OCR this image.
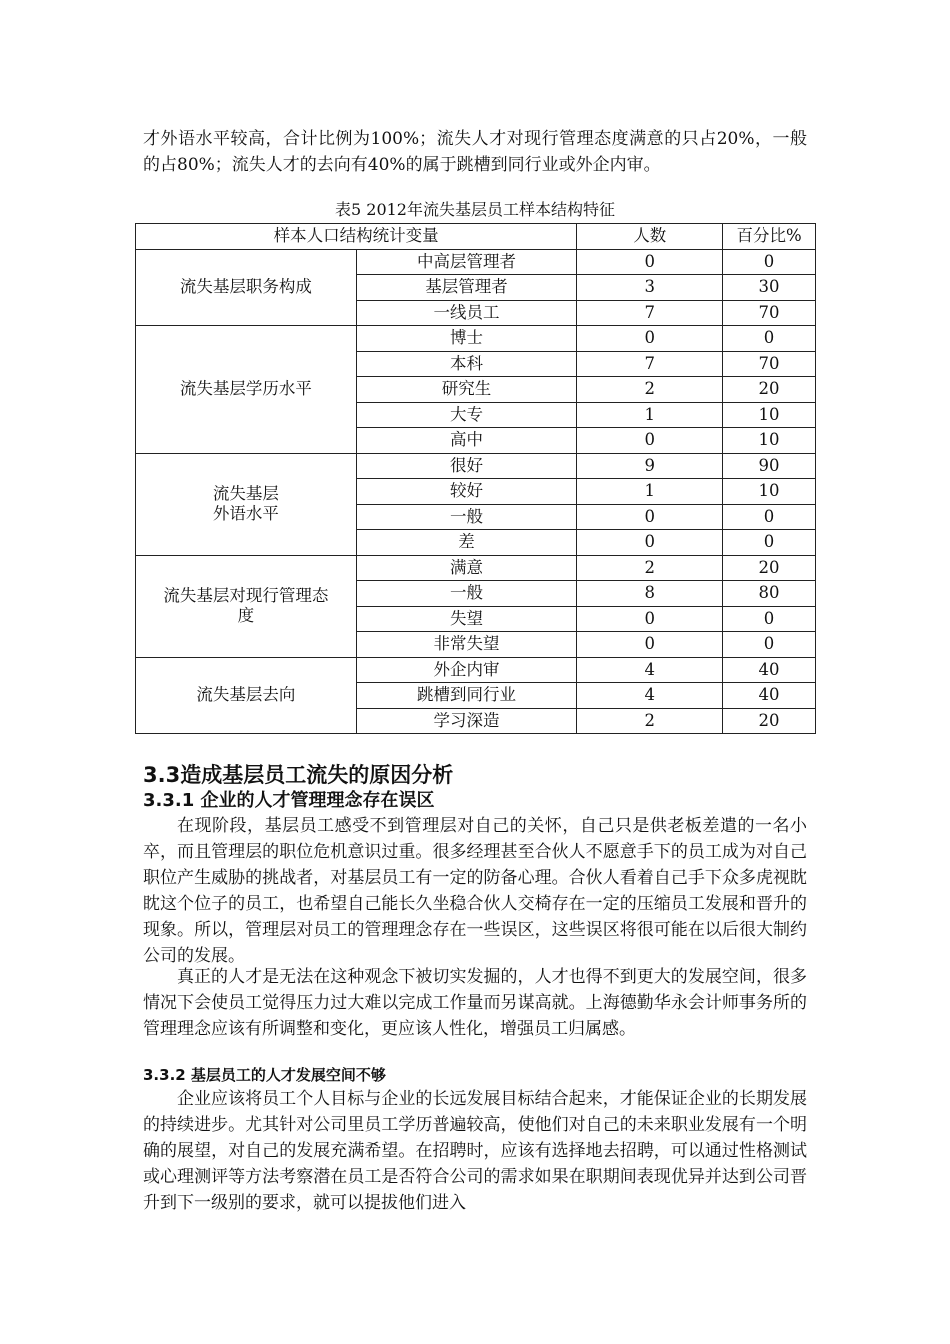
才外语水平较高，合计比例为100%；流失人才对现行管理态度满意的只占20%，一般的占80%；流失人才的去向有40%的属于跳槽到同行业或外企内审。

表5 2012年流失基层员工样本结构特征
样本人口结构统计变量		人数	百分比%
流失基层职务构成	中高层管理者	0	0
	基层管理者	3	30
	一线员工	7	70
流失基层学历水平	博士	0	0
	本科	7	70
	研究生	2	20
	大专	1	10
	高中	0	10
流失基层
外语水平	很好	9	90
	较好	1	10
	一般	0	0
	差	0	0
流失基层对现行管理态
度	满意	2	20
	一般	8	80
	失望	0	0
	非常失望	0	0
流失基层去向	外企内审	4	40
	跳槽到同行业	4	40
	学习深造	2	20
3.3造成基层员工流失的原因分析
3.3.1 企业的人才管理理念存在误区

在现阶段，基层员工感受不到管理层对自己的关怀，自己只是供老板差遣的一名小卒，而且管理层的职位危机意识过重。很多经理甚至合伙人不愿意手下的员工成为对自己职位产生威胁的挑战者，对基层员工有一定的防备心理。合伙人看着自己手下众多虎视眈眈这个位子的员工，也希望自己能长久坐稳合伙人交椅存在一定的压缩员工发展和晋升的现象。所以，管理层对员工的管理理念存在一些误区，这些误区将很可能在以后很大制约公司的发展。

真正的人才是无法在这种观念下被切实发掘的，人才也得不到更大的发展空间，很多情况下会使员工觉得压力过大难以完成工作量而另谋高就。上海德勤华永会计师事务所的管理理念应该有所调整和变化，更应该人性化，增强员工归属感。

3.3.2 基层员工的人才发展空间不够

企业应该将员工个人目标与企业的长远发展目标结合起来，才能保证企业的长期发展的持续进步。尤其针对公司里员工学历普遍较高，使他们对自己的未来职业发展有一个明确的展望，对自己的发展充满希望。在招聘时，应该有选择地去招聘，可以通过性格测试或心理测评等方法考察潜在员工是否符合公司的需求如果在职期间表现优异并达到公司晋升到下一级别的要求，就可以提拔他们进入
